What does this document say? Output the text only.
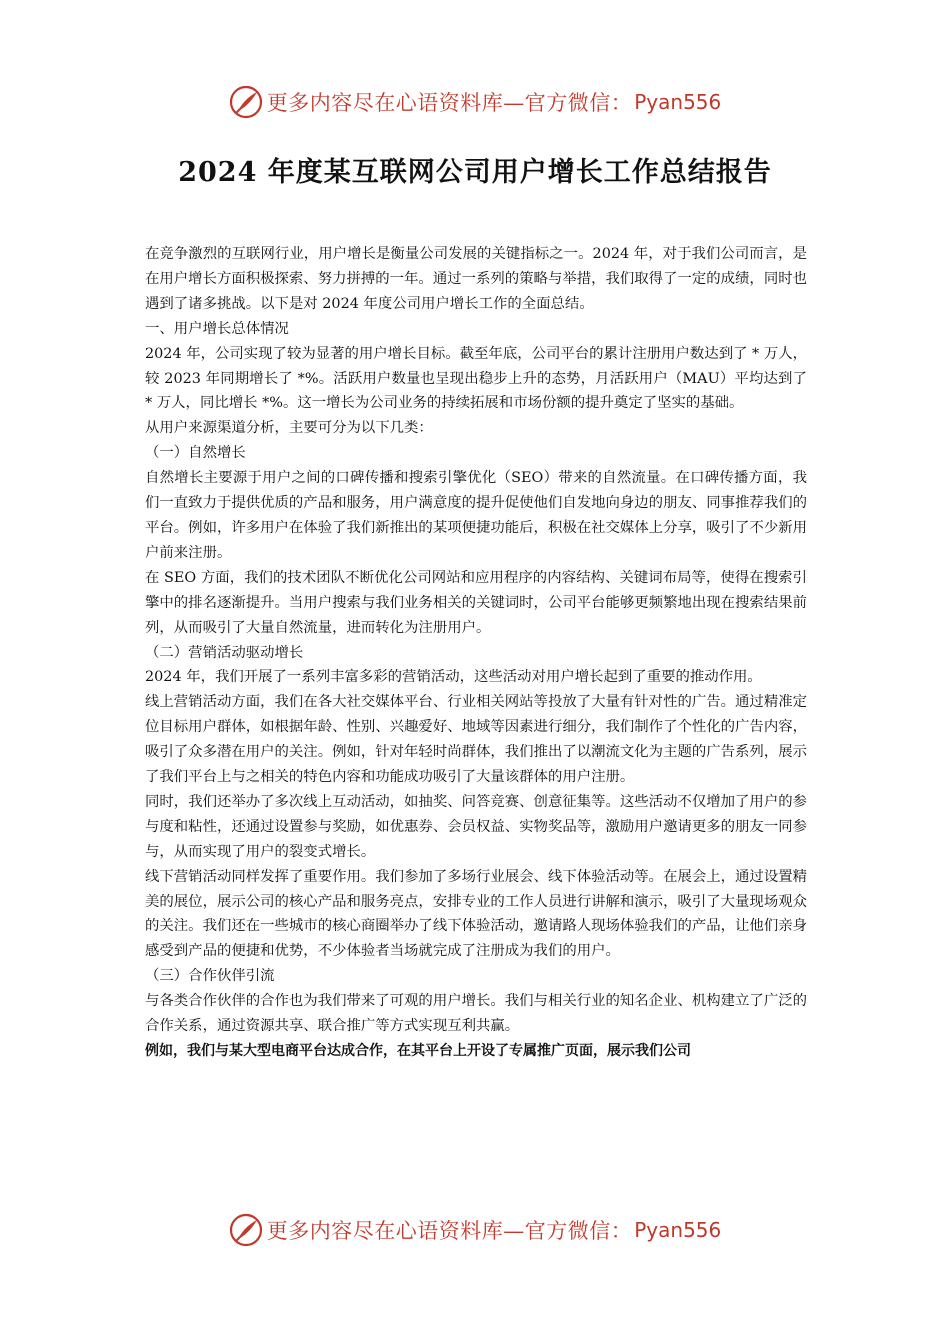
更多内容尽在心语资料库—官方微信： Pyan556
2024 年度某互联网公司用户增长工作总结报告

在竞争激烈的互联网行业，用户增长是衡量公司发展的关键指标之一。2024 年，对于我们公司而言，是在用户增长方面积极探索、努力拼搏的一年。通过一系列的策略与举措，我们取得了一定的成绩，同时也遇到了诸多挑战。以下是对 2024 年度公司用户增长工作的全面总结。

一、用户增长总体情况

2024 年，公司实现了较为显著的用户增长目标。截至年底，公司平台的累计注册用户数达到了 * 万人，较 2023 年同期增长了 *%。活跃用户数量也呈现出稳步上升的态势，月活跃用户（MAU）平均达到了 * 万人，同比增长 *%。这一增长为公司业务的持续拓展和市场份额的提升奠定了坚实的基础。

从用户来源渠道分析，主要可分为以下几类：

（一）自然增长

自然增长主要源于用户之间的口碑传播和搜索引擎优化（SEO）带来的自然流量。在口碑传播方面，我们一直致力于提供优质的产品和服务，用户满意度的提升促使他们自发地向身边的朋友、同事推荐我们的平台。例如，许多用户在体验了我们新推出的某项便捷功能后，积极在社交媒体上分享，吸引了不少新用户前来注册。

在 SEO 方面，我们的技术团队不断优化公司网站和应用程序的内容结构、关键词布局等，使得在搜索引擎中的排名逐渐提升。当用户搜索与我们业务相关的关键词时，公司平台能够更频繁地出现在搜索结果前列，从而吸引了大量自然流量，进而转化为注册用户。

（二）营销活动驱动增长

2024 年，我们开展了一系列丰富多彩的营销活动，这些活动对用户增长起到了重要的推动作用。

线上营销活动方面，我们在各大社交媒体平台、行业相关网站等投放了大量有针对性的广告。通过精准定位目标用户群体，如根据年龄、性别、兴趣爱好、地域等因素进行细分，我们制作了个性化的广告内容，吸引了众多潜在用户的关注。例如，针对年轻时尚群体，我们推出了以潮流文化为主题的广告系列，展示了我们平台上与之相关的特色内容和功能成功吸引了大量该群体的用户注册。

同时，我们还举办了多次线上互动活动，如抽奖、问答竞赛、创意征集等。这些活动不仅增加了用户的参与度和粘性，还通过设置参与奖励，如优惠券、会员权益、实物奖品等，激励用户邀请更多的朋友一同参与，从而实现了用户的裂变式增长。

线下营销活动同样发挥了重要作用。我们参加了多场行业展会、线下体验活动等。在展会上，通过设置精美的展位，展示公司的核心产品和服务亮点，安排专业的工作人员进行讲解和演示，吸引了大量现场观众的关注。我们还在一些城市的核心商圈举办了线下体验活动，邀请路人现场体验我们的产品，让他们亲身感受到产品的便捷和优势，不少体验者当场就完成了注册成为我们的用户。

（三）合作伙伴引流

与各类合作伙伴的合作也为我们带来了可观的用户增长。我们与相关行业的知名企业、机构建立了广泛的合作关系，通过资源共享、联合推广等方式实现互利共赢。

例如，我们与某大型电商平台达成合作，在其平台上开设了专属推广页面，展示我们公司

更多内容尽在心语资料库—官方微信： Pyan556
